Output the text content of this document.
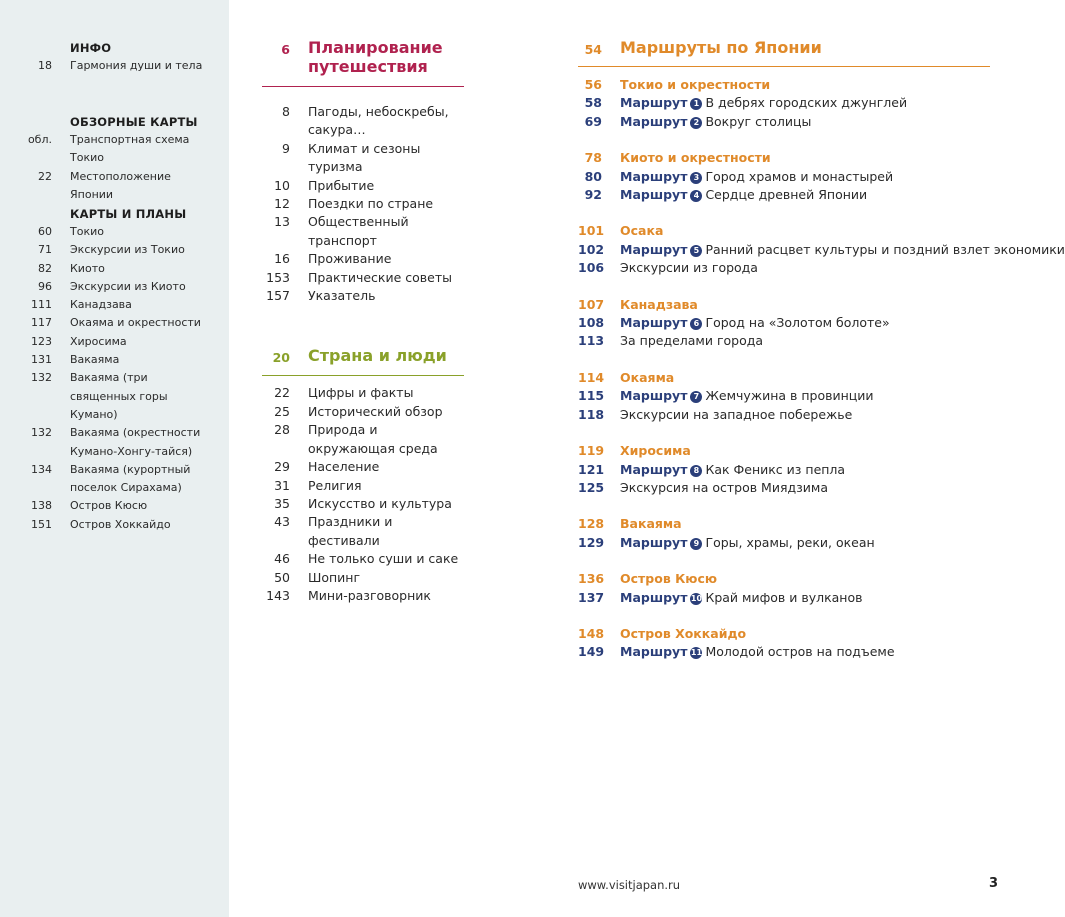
ИНФО
18 Гармония души и тела
ОБЗОРНЫЕ КАРТЫ
обл. Транспортная схема Токио
22 Местоположение Японии
КАРТЫ И ПЛАНЫ
60 Токио
71 Экскурсии из Токио
82 Киото
96 Экскурсии из Киото
111 Канадзава
117 Окаяма и окрестности
123 Хиросима
131 Вакаяма
132 Вакаяма (три священных горы Кумано)
132 Вакаяма (окрестности Кумано-Хонгу-тайся)
134 Вакаяма (курортный поселок Сирахама)
138 Остров Кюсю
151 Остров Хоккайдо
6 Планирование путешествия
8 Пагоды, небоскребы, сакура…
9 Климат и сезоны туризма
10 Прибытие
12 Поездки по стране
13 Общественный транспорт
16 Проживание
153 Практические советы
157 Указатель
20 Страна и люди
22 Цифры и факты
25 Исторический обзор
28 Природа и окружающая среда
29 Население
31 Религия
35 Искусство и культура
43 Праздники и фестивали
46 Не только суши и саке
50 Шопинг
143 Мини-разговорник
54 Маршруты по Японии
56 Токио и окрестности
58 Маршрут 1 В дебрях городских джунглей
69 Маршрут 2 Вокруг столицы
78 Киото и окрестности
80 Маршрут 3 Город храмов и монастырей
92 Маршрут 4 Сердце древней Японии
101 Осака
102 Маршрут 5 Ранний расцвет культуры и поздний взлет экономики
106 Экскурсии из города
107 Канадзава
108 Маршрут 6 Город на «Золотом болоте»
113 За пределами города
114 Окаяма
115 Маршрут 7 Жемчужина в провинции
118 Экскурсии на западное побережье
119 Хиросима
121 Маршрут 8 Как Феникс из пепла
125 Экскурсия на остров Миядзима
128 Вакаяма
129 Маршрут 9 Горы, храмы, реки, океан
136 Остров Кюсю
137 Маршрут 10 Край мифов и вулканов
148 Остров Хоккайдо
149 Маршрут 11 Молодой остров на подъеме
www.visitjapan.ru	3
